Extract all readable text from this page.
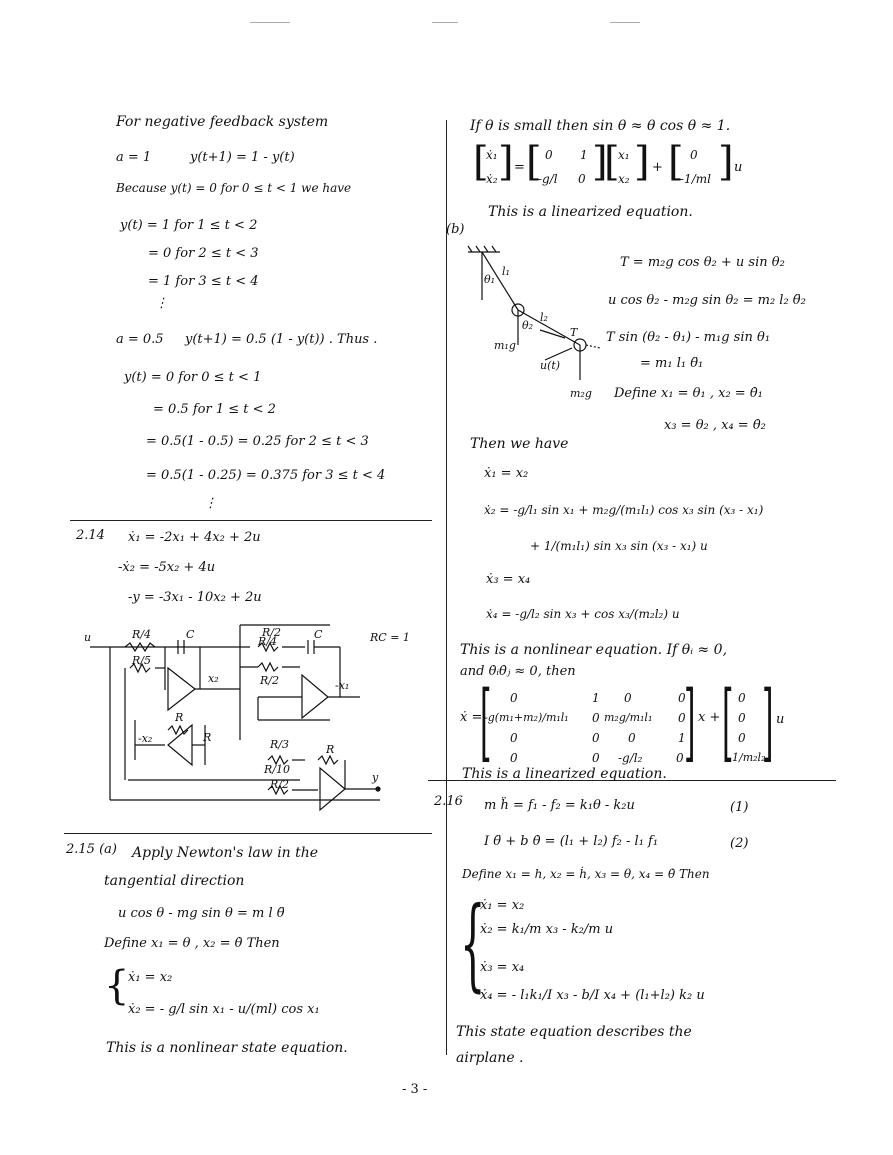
For negative feedback system
a = 1	y(t+1) = 1 - y(t)
Because y(t) = 0 for 0 ≤ t < 1 we have
y(t) = 1 for 1 ≤ t < 2
= 0 for 2 ≤ t < 3
= 1 for 3 ≤ t < 4
⋮
a = 0.5 y(t+1) = 0.5 (1 - y(t)) . Thus .
y(t) = 0 for 0 ≤ t < 1
= 0.5 for 1 ≤ t < 2
= 0.5(1 - 0.5) = 0.25 for 2 ≤ t < 3
= 0.5(1 - 0.25) = 0.375 for 3 ≤ t < 4
⋮
2.14 ẋ₁ = -2x₁ + 4x₂ + 2u
-ẋ₂ = -5x₂ + 4u
-y = -3x₁ - 10x₂ + 2u
u	RC = 1
R/4	C
R/5
x₂
R/2
R/4
C
R/2	-x₁
R
-x₂	R
R/3	R
R/10
R/2
y
2.15 (a) Apply Newton's law in the
tangential direction
u cos θ - mg sin θ = m l θ̈
Define x₁ = θ , x₂ = θ̇ Then
{
ẋ₁ = x₂
ẋ₂ = - g/l sin x₁ - u/(ml) cos x₁
This is a nonlinear state equation.
If θ is small then sin θ ≈ θ cos θ ≈ 1.
[
ẋ₁
ẋ₂ ] = [ 0 1
-g/l 0 ]
[
x₁
x₂ ] + [ 0
-1/ml ] u
This is a linearized equation.
(b)
l₁
θ₁
θ₂
l₂
T
m₁g
u(t)
m₂g
T = m₂g cos θ₂ + u sin θ₂
u cos θ₂ - m₂g sin θ₂ = m₂ l₂ θ̈₂
T sin (θ₂ - θ₁) - m₁g sin θ₁
= m₁ l₁ θ̈₁
Define x₁ = θ₁ , x₂ = θ̇₁
x₃ = θ₂ , x₄ = θ̇₂
Then we have
ẋ₁ = x₂
ẋ₂ = -g/l₁ sin x₁ + m₂g/(m₁l₁) cos x₃ sin (x₃ - x₁)
+ 1/(m₁l₁) sin x₃ sin (x₃ - x₁) u
ẋ₃ = x₄
ẋ₄ = -g/l₂ sin x₃ + cos x₃/(m₂l₂) u
This is a nonlinear equation. If θᵢ ≈ 0,
and θ̇ᵢθ̇ⱼ ≈ 0, then
ẋ =
[ 0	1 0	0
-g(m₁+m₂)/m₁l₁ 0 m₂g/m₁l₁ 0
0	0 0	1
0	0 -g/l₂	0 ] x + [ 0
0
0
1/m₂l₂
] u
This is a linearized equation.
2.16 m ḧ = f₁ - f₂ = k₁θ - k₂u	(1)
I θ̈ + b θ̇ = (l₁ + l₂) f₂ - l₁ f₁	(2)
Define x₁ = h, x₂ = ḣ, x₃ = θ, x₄ = θ̇ Then
{
ẋ₁ = x₂
ẋ₂ = k₁/m x₃ - k₂/m u
ẋ₃ = x₄
ẋ₄ = - l₁k₁/I x₃ - b/I x₄ + (l₁+l₂) k₂ u
This state equation describes the
airplane .
- 3 -
